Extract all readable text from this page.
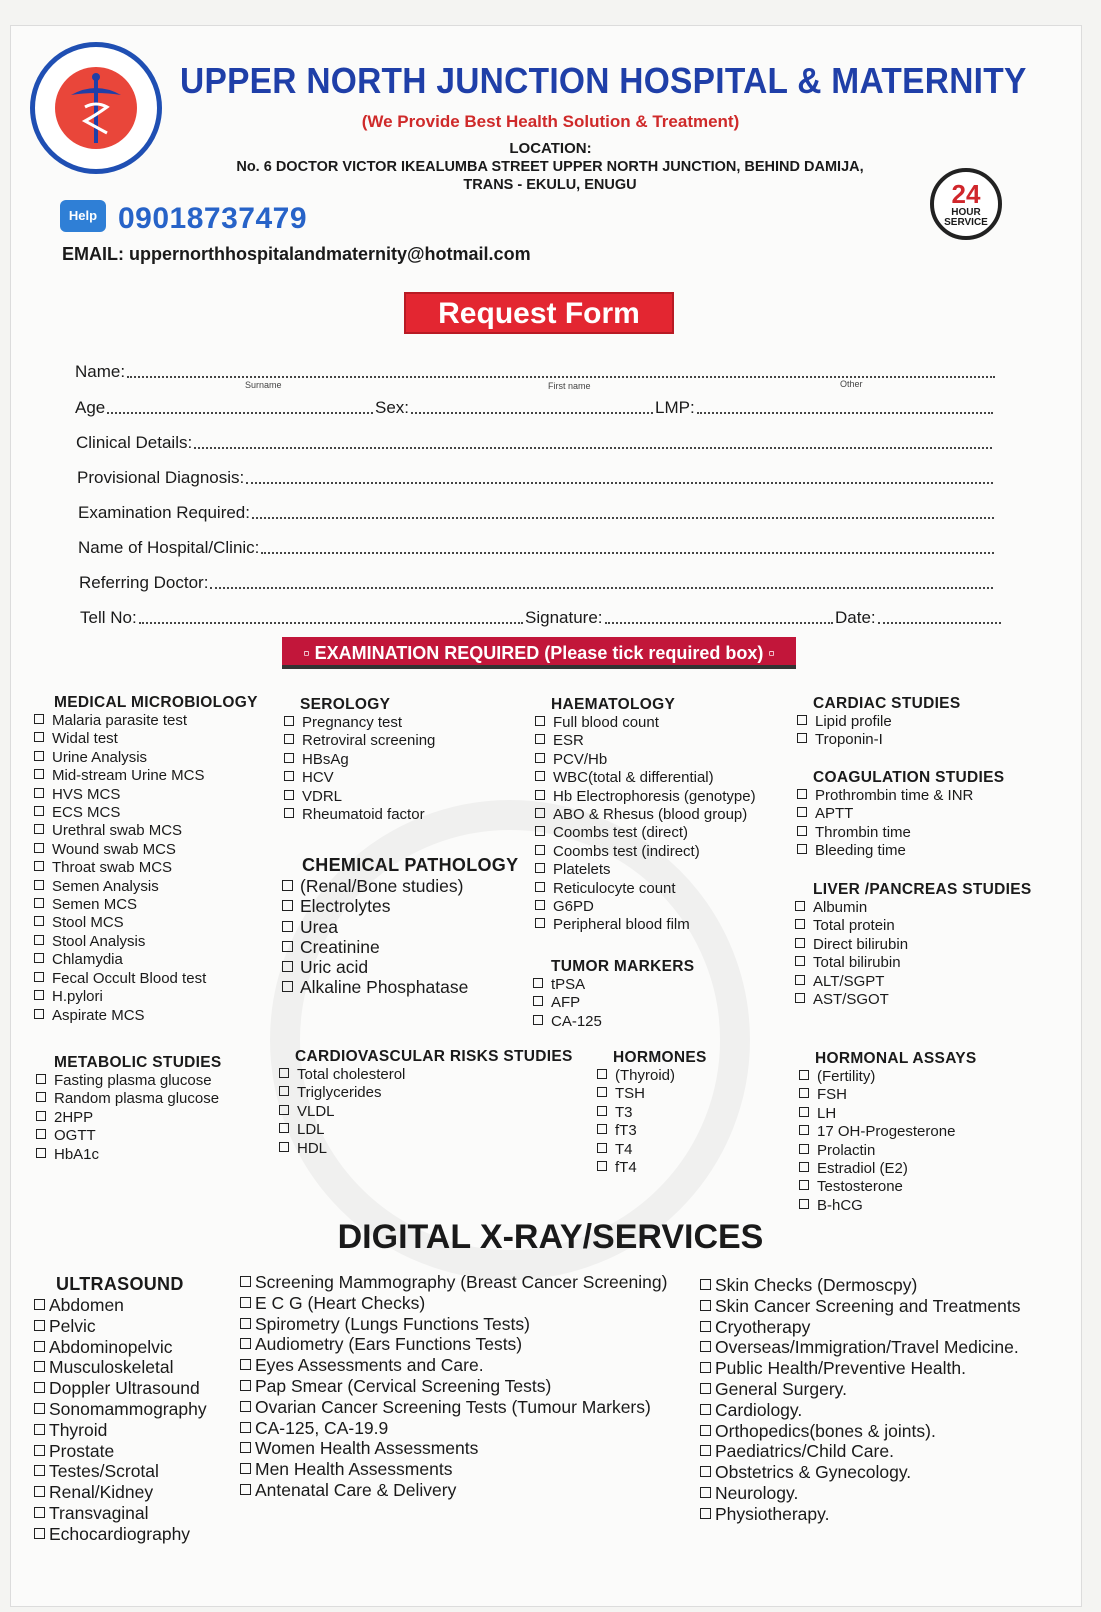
UPPER NORTH JUNCTION HOSPITAL & MATERNITY
(We Provide Best Health Solution & Treatment)
LOCATION:
No. 6 DOCTOR VICTOR IKEALUMBA STREET UPPER NORTH JUNCTION, BEHIND DAMIJA,
TRANS - EKULU, ENUGU
Help 09018737479
EMAIL: uppernorthhospitalandmaternity@hotmail.com
24
HOUR SERVICE
Request Form
Name:
Surname	First name	Other
Age	Sex:	LMP:
Clinical Details:
Provisional Diagnosis:
Examination Required:
Name of Hospital/Clinic:
Referring Doctor:
Tell No:	Signature:	Date:
▫ EXAMINATION REQUIRED (Please tick required box) ▫
MEDICAL MICROBIOLOGY
Malaria parasite test
Widal test
Urine Analysis
Mid-stream Urine MCS
HVS MCS
ECS MCS
Urethral swab MCS
Wound swab MCS
Throat swab MCS
Semen Analysis
Semen MCS
Stool MCS
Stool Analysis
Chlamydia
Fecal Occult Blood test
H.pylori
Aspirate MCS
SEROLOGY
Pregnancy test
Retroviral screening
HBsAg
HCV
VDRL
Rheumatoid factor
HAEMATOLOGY
Full blood count
ESR
PCV/Hb
WBC(total & differential)
Hb Electrophoresis (genotype)
ABO & Rhesus (blood group)
Coombs test (direct)
Coombs test (indirect)
Platelets
Reticulocyte count
G6PD
Peripheral blood film
CARDIAC STUDIES
Lipid profile
Troponin-I
COAGULATION STUDIES
Prothrombin time & INR
APTT
Thrombin time
Bleeding time
CHEMICAL PATHOLOGY
(Renal/Bone studies)
Electrolytes
Urea
Creatinine
Uric acid
Alkaline Phosphatase
LIVER /PANCREAS STUDIES
Albumin
Total protein
Direct bilirubin
Total bilirubin
ALT/SGPT
AST/SGOT
TUMOR MARKERS
tPSA
AFP
CA-125
METABOLIC STUDIES
Fasting plasma glucose
Random plasma glucose
2HPP
OGTT
HbA1c
CARDIOVASCULAR RISKS STUDIES
Total cholesterol
Triglycerides
VLDL
LDL
HDL
HORMONES
(Thyroid)
TSH
T3
fT3
T4
fT4
HORMONAL ASSAYS
(Fertility)
FSH
LH
17 OH-Progesterone
Prolactin
Estradiol (E2)
Testosterone
B-hCG
DIGITAL X-RAY/SERVICES
ULTRASOUND
Abdomen
Pelvic
Abdominopelvic
Musculoskeletal
Doppler Ultrasound
Sonomammography
Thyroid
Prostate
Testes/Scrotal
Renal/Kidney
Transvaginal
Echocardiography
Screening Mammography (Breast Cancer Screening)
E C G (Heart Checks)
Spirometry (Lungs Functions Tests)
Audiometry (Ears Functions Tests)
Eyes Assessments and Care.
Pap Smear (Cervical Screening Tests)
Ovarian Cancer Screening Tests (Tumour Markers)
CA-125, CA-19.9
Women Health Assessments
Men Health Assessments
Antenatal Care & Delivery
Skin Checks (Dermoscpy)
Skin Cancer Screening and Treatments
Cryotherapy
Overseas/Immigration/Travel Medicine.
Public Health/Preventive Health.
General Surgery.
Cardiology.
Orthopedics(bones & joints).
Paediatrics/Child Care.
Obstetrics & Gynecology.
Neurology.
Physiotherapy.
